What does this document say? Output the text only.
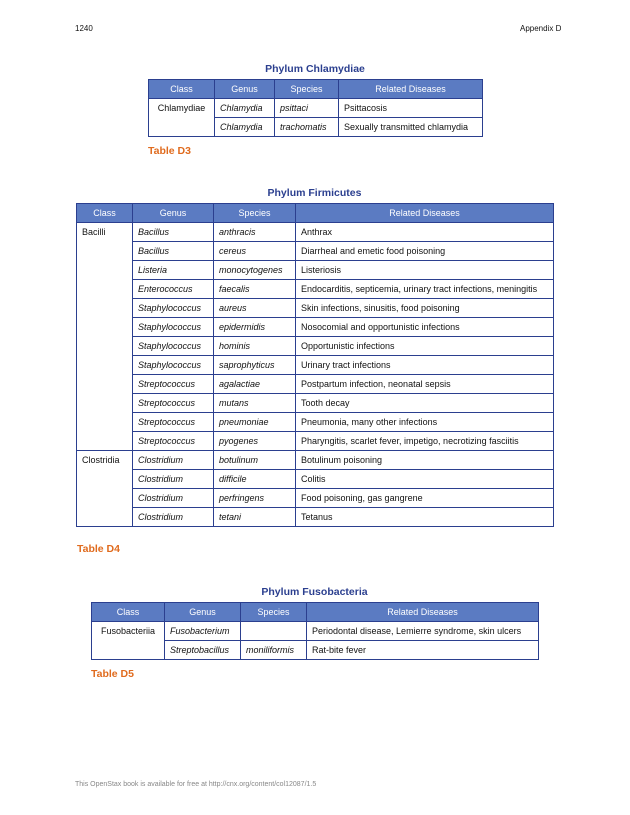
1240	Appendix D
Phylum Chlamydiae
Class	Genus	Species	Related Diseases
Chlamydiae	Chlamydia	psittaci	Psittacosis
	Chlamydia	trachomatis	Sexually transmitted chlamydia
Table D3
Phylum Firmicutes
Class	Genus	Species	Related Diseases
Bacilli	Bacillus	anthracis	Anthrax
	Bacillus	cereus	Diarrheal and emetic food poisoning
	Listeria	monocytogenes	Listeriosis
	Enterococcus	faecalis	Endocarditis, septicemia, urinary tract infections, meningitis
	Staphylococcus	aureus	Skin infections, sinusitis, food poisoning
	Staphylococcus	epidermidis	Nosocomial and opportunistic infections
	Staphylococcus	hominis	Opportunistic infections
	Staphylococcus	saprophyticus	Urinary tract infections
	Streptococcus	agalactiae	Postpartum infection, neonatal sepsis
	Streptococcus	mutans	Tooth decay
	Streptococcus	pneumoniae	Pneumonia, many other infections
	Streptococcus	pyogenes	Pharyngitis, scarlet fever, impetigo, necrotizing fasciitis
Clostridia	Clostridium	botulinum	Botulinum poisoning
	Clostridium	difficile	Colitis
	Clostridium	perfringens	Food poisoning, gas gangrene
	Clostridium	tetani	Tetanus
Table D4
Phylum Fusobacteria
Class	Genus	Species	Related Diseases
Fusobacteriia	Fusobacterium		Periodontal disease, Lemierre syndrome, skin ulcers
	Streptobacillus	moniliformis	Rat-bite fever
Table D5
This OpenStax book is available for free at http://cnx.org/content/col12087/1.5
